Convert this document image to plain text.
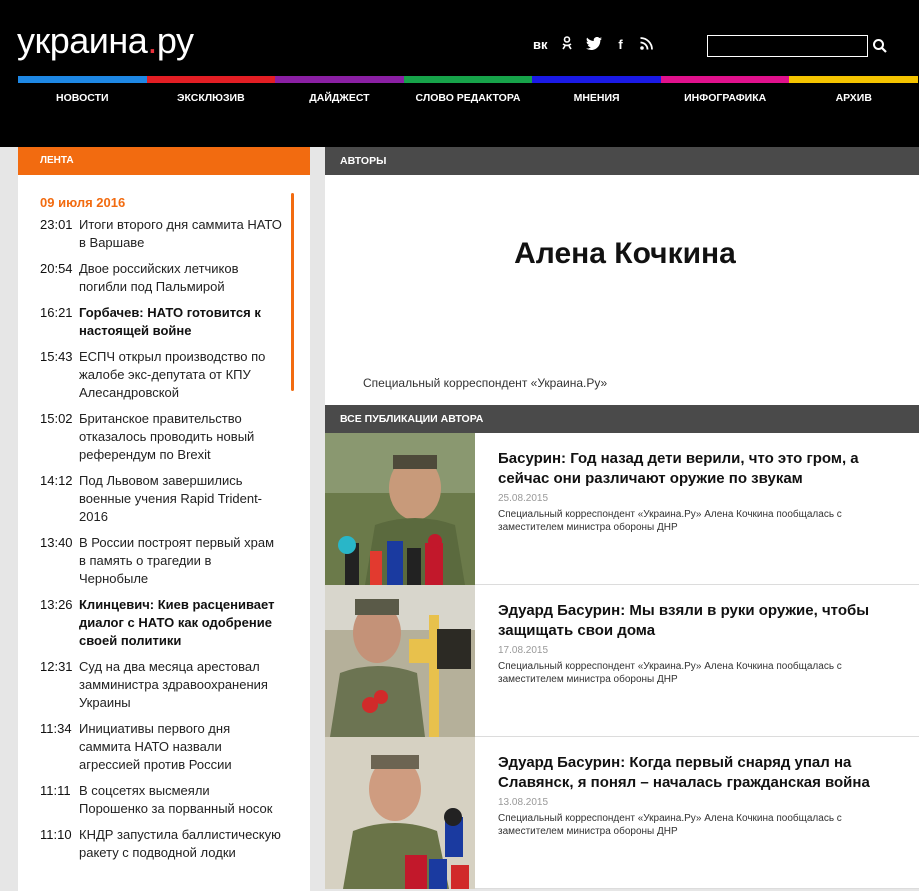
украина.ру	вк	f
НОВОСТИ	ЭКСКЛЮЗИВ	ДАЙДЖЕСТ	СЛОВО РЕДАКТОРА	МНЕНИЯ	ИНФОГРАФИКА	АРХИВ
ЛЕНТА
09 июля 2016
23:01 Итоги второго дня саммита НАТО в Варшаве
20:54 Двое российских летчиков погибли под Пальмирой
16:21 Горбачев: НАТО готовится к настоящей войне
15:43 ЕСПЧ открыл производство по жалобе экс-депутата от КПУ Алесандровской
15:02 Британское правительство отказалось проводить новый референдум по Brexit
14:12 Под Львовом завершились военные учения Rapid Trident-2016
13:40 В России построят первый храм в память о трагедии в Чернобыле
13:26 Клинцевич: Киев расценивает диалог с НАТО как одобрение своей политики
12:31 Суд на два месяца арестовал замминистра здравоохранения Украины
11:34 Инициативы первого дня саммита НАТО назвали агрессией против России
11:11 В соцсетях высмеяли Порошенко за порванный носок
11:10 КНДР запустила баллистическую ракету с подводной лодки
АВТОРЫ
Алена Кочкина
Специальный корреспондент «Украина.Ру»
ВСЕ ПУБЛИКАЦИИ АВТОРА
Басурин: Год назад дети верили, что это гром, а сейчас они различают оружие по звукам
25.08.2015
Специальный корреспондент «Украина.Ру» Алена Кочкина пообщалась с заместителем министра обороны ДНР
Эдуард Басурин: Мы взяли в руки оружие, чтобы защищать свои дома
17.08.2015
Специальный корреспондент «Украина.Ру» Алена Кочкина пообщалась с заместителем министра обороны ДНР
Эдуард Басурин: Когда первый снаряд упал на Славянск, я понял – началась гражданская война
13.08.2015
Специальный корреспондент «Украина.Ру» Алена Кочкина пообщалась с заместителем министра обороны ДНР
